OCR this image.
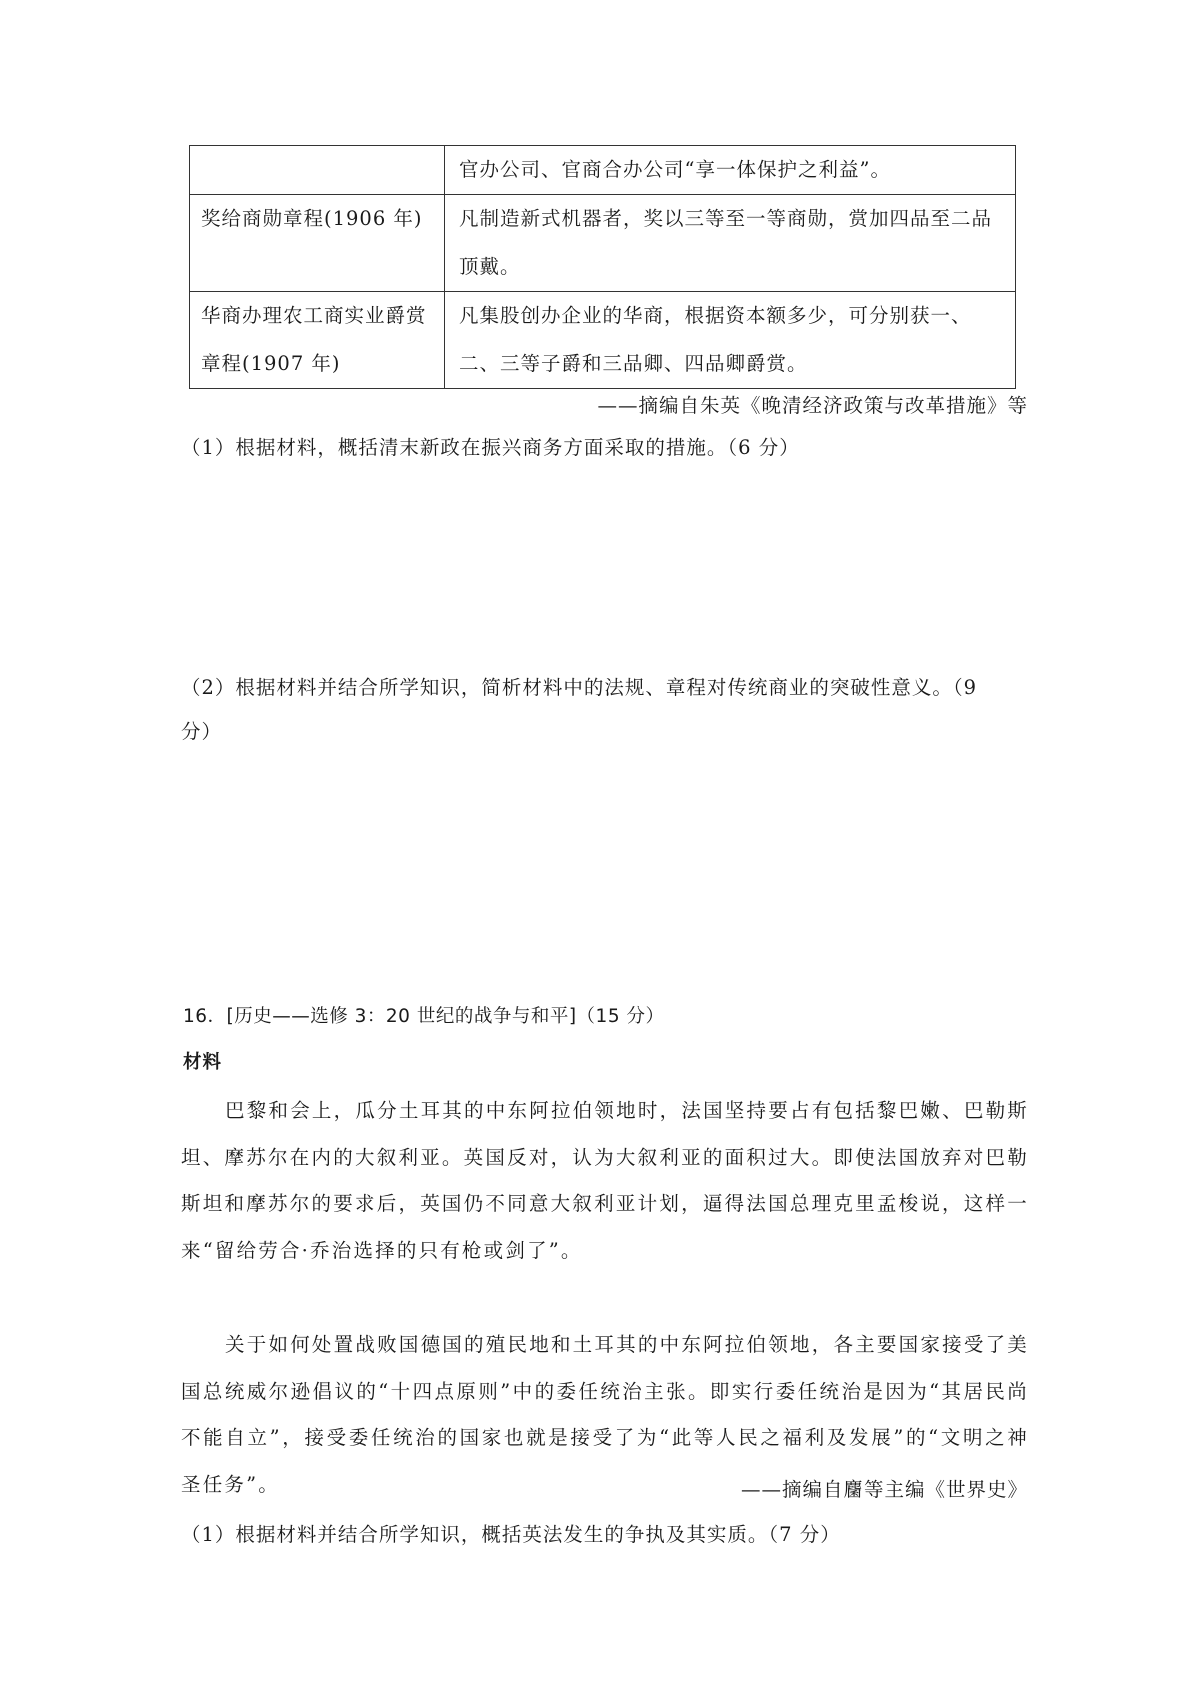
	官办公司、官商合办公司“享一体保护之利益”。
奖给商勋章程(1906 年)	凡制造新式机器者，奖以三等至一等商勋，赏加四品至二品顶戴。
华商办理农工商实业爵赏章程(1907 年)	凡集股创办企业的华商，根据资本额多少，可分别获一、二、三等子爵和三品卿、四品卿爵赏。
——摘编自朱英《晚清经济政策与改革措施》等
（1）根据材料，概括清末新政在振兴商务方面采取的措施。（6 分）
（2）根据材料并结合所学知识，简析材料中的法规、章程对传统商业的突破性意义。（9
分）
16．[历史——选修 3：20 世纪的战争与和平]（15 分）
材料
巴黎和会上，瓜分土耳其的中东阿拉伯领地时，法国坚持要占有包括黎巴嫩、巴勒斯坦、摩苏尔在内的大叙利亚。英国反对，认为大叙利亚的面积过大。即使法国放弃对巴勒斯坦和摩苏尔的要求后，英国仍不同意大叙利亚计划，逼得法国总理克里孟梭说，这样一来“留给劳合·乔治选择的只有枪或剑了”。
关于如何处置战败国德国的殖民地和土耳其的中东阿拉伯领地，各主要国家接受了美国总统威尔逊倡议的“十四点原则”中的委任统治主张。即实行委任统治是因为“其居民尚不能自立”，接受委任统治的国家也就是接受了为“此等人民之福利及发展”的“文明之神圣任务”。	——摘编自麕等主编《世界史》
（1）根据材料并结合所学知识，概括英法发生的争执及其实质。（7 分）
